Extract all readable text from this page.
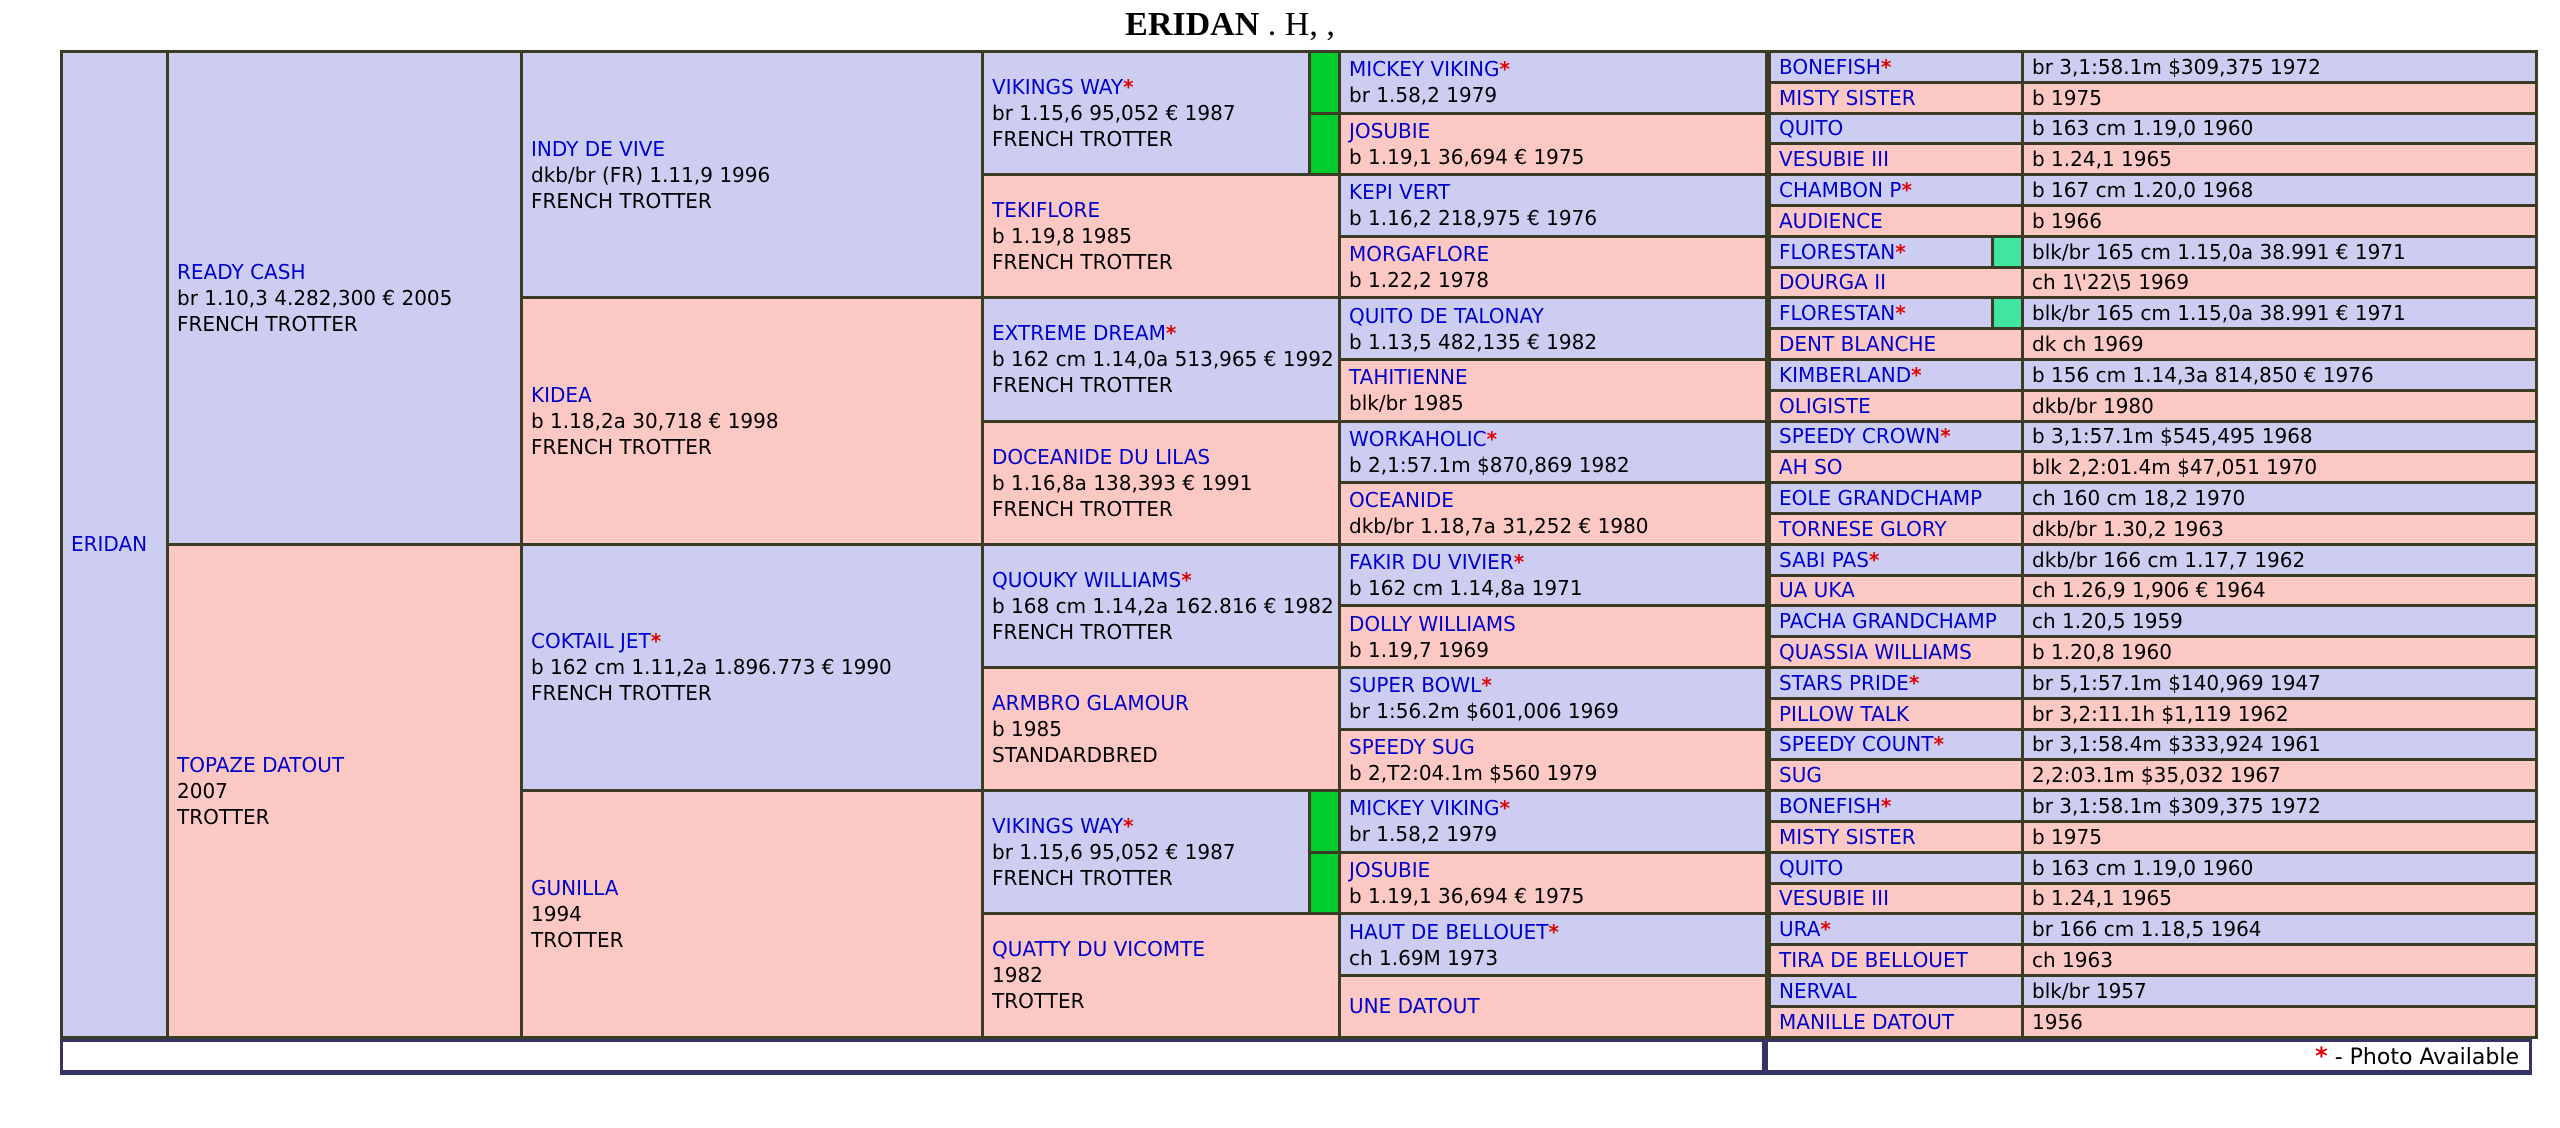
ERIDAN . H, ,
ERIDAN	
READY CASH
br 1.10,3 4.282,300 € 2005
FRENCH TROTTER

INDY DE VIVE
dkb/br (FR) 1.11,9 1996
FRENCH TROTTER

VIKINGS WAY*
br 1.15,6 95,052 € 1987
FRENCH TROTTER

MICKEY VIKING*
br 1.58,2 1979

					JOSUBIE
b 1.19,1 36,694 € 1975

TEKIFLORE
b 1.19,8 1985
FRENCH TROTTER

KEPI VERT
b 1.16,2 218,975 € 1976

					MORGAFLORE
b 1.22,2 1978

KIDEA
b 1.18,2a 30,718 € 1998
FRENCH TROTTER

EXTREME DREAM*
b 162 cm 1.14,0a 513,965 € 1992
FRENCH TROTTER

QUITO DE TALONAY
b 1.13,5 482,135 € 1982

					TAHITIENNE
blk/br 1985

DOCEANIDE DU LILAS
b 1.16,8a 138,393 € 1991
FRENCH TROTTER

WORKAHOLIC*
b 2,1:57.1m $870,869 1982

					OCEANIDE
dkb/br 1.18,7a 31,252 € 1980

TOPAZE DATOUT
2007
TROTTER

COKTAIL JET*
b 162 cm 1.11,2a 1.896.773 € 1990
FRENCH TROTTER

QUOUKY WILLIAMS*
b 168 cm 1.14,2a 162.816 € 1982
FRENCH TROTTER

FAKIR DU VIVIER*
b 162 cm 1.14,8a 1971

					DOLLY WILLIAMS
b 1.19,7 1969

ARMBRO GLAMOUR
b 1985
STANDARDBRED

SUPER BOWL*
br 1:56.2m $601,006 1969

					SPEEDY SUG
b 2,T2:04.1m $560 1979

GUNILLA
1994
TROTTER

VIKINGS WAY*
br 1.15,6 95,052 € 1987
FRENCH TROTTER

MICKEY VIKING*
br 1.58,2 1979

					JOSUBIE
b 1.19,1 36,694 € 1975

QUATTY DU VICOMTE
1982
TROTTER

HAUT DE BELLOUET*
ch 1.69M 1973

					UNE DATOUT

BONEFISH*		br 3,1:58.1m $309,375 1972
MISTY SISTER		b 1975
QUITO		b 163 cm 1.19,0 1960
VESUBIE III		b 1.24,1 1965
CHAMBON P*		b 167 cm 1.20,0 1968
AUDIENCE		b 1966
FLORESTAN*		blk/br 165 cm 1.15,0a 38.991 € 1971
DOURGA II		ch 1\'22\5 1969
FLORESTAN*		blk/br 165 cm 1.15,0a 38.991 € 1971
DENT BLANCHE		dk ch 1969
KIMBERLAND*		b 156 cm 1.14,3a 814,850 € 1976
OLIGISTE		dkb/br 1980
SPEEDY CROWN*		b 3,1:57.1m $545,495 1968
AH SO		blk 2,2:01.4m $47,051 1970
EOLE GRANDCHAMP		ch 160 cm 18,2 1970
TORNESE GLORY		dkb/br 1.30,2 1963
SABI PAS*		dkb/br 166 cm 1.17,7 1962
UA UKA		ch 1.26,9 1,906 € 1964
PACHA GRANDCHAMP		ch 1.20,5 1959
QUASSIA WILLIAMS		b 1.20,8 1960
STARS PRIDE*		br 5,1:57.1m $140,969 1947
PILLOW TALK		br 3,2:11.1h $1,119 1962
SPEEDY COUNT*		br 3,1:58.4m $333,924 1961
SUG		2,2:03.1m $35,032 1967
BONEFISH*		br 3,1:58.1m $309,375 1972
MISTY SISTER		b 1975
QUITO		b 163 cm 1.19,0 1960
VESUBIE III		b 1.24,1 1965
URA*		br 166 cm 1.18,5 1964
TIRA DE BELLOUET		ch 1963
NERVAL		blk/br 1957
MANILLE DATOUT		1956
* - Photo Available
